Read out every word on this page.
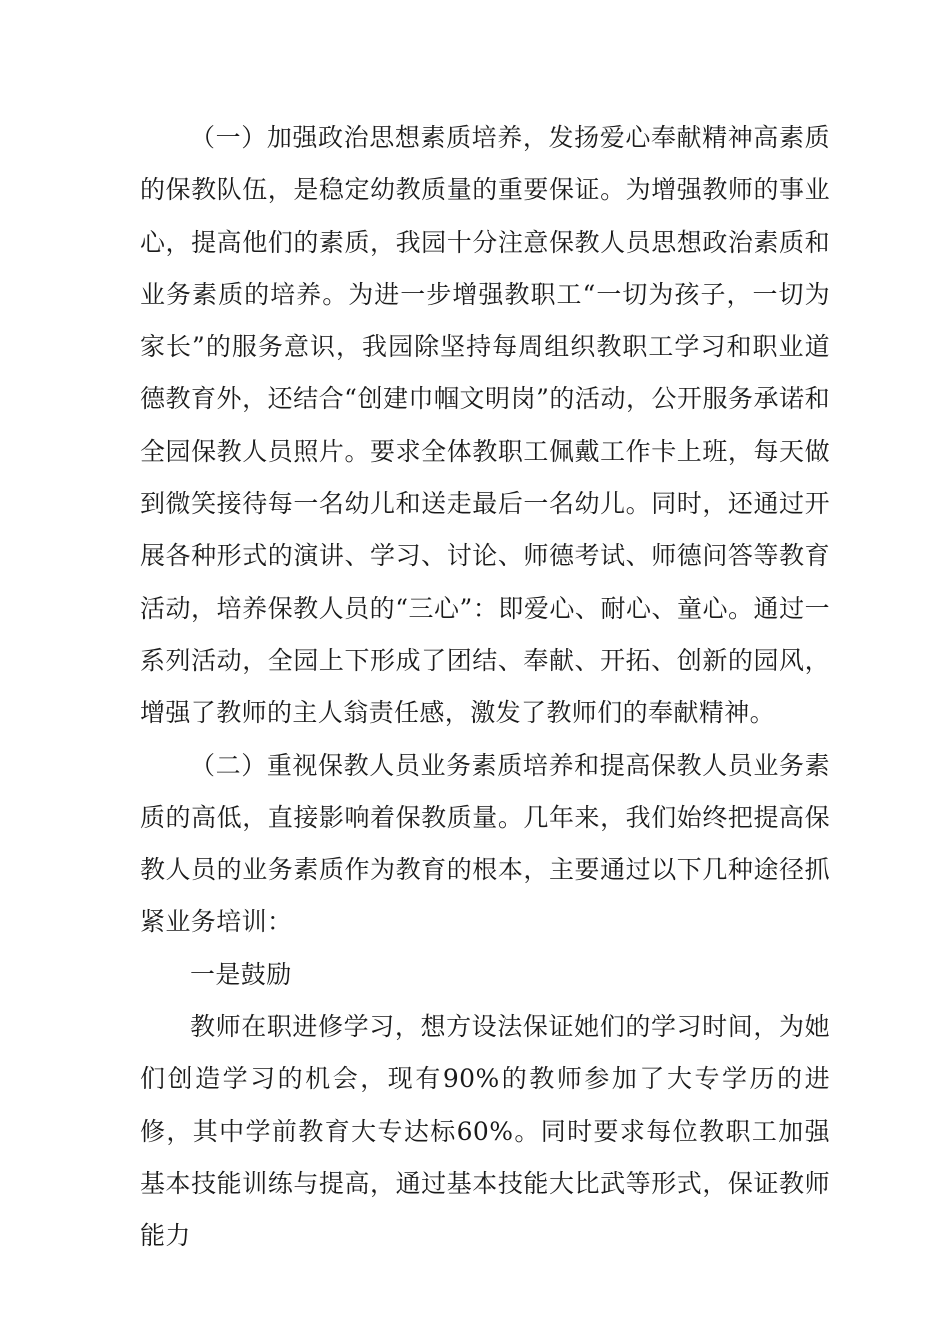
（一）加强政治思想素质培养，发扬爱心奉献精神高素质的保教队伍，是稳定幼教质量的重要保证。为增强教师的事业心，提高他们的素质，我园十分注意保教人员思想政治素质和业务素质的培养。为进一步增强教职工“一切为孩子，一切为家长”的服务意识，我园除坚持每周组织教职工学习和职业道德教育外，还结合“创建巾帼文明岗”的活动，公开服务承诺和全园保教人员照片。要求全体教职工佩戴工作卡上班，每天做到微笑接待每一名幼儿和送走最后一名幼儿。同时，还通过开展各种形式的演讲、学习、讨论、师德考试、师德问答等教育活动，培养保教人员的“三心”：即爱心、耐心、童心。通过一系列活动，全园上下形成了团结、奉献、开拓、创新的园风，增强了教师的主人翁责任感，激发了教师们的奉献精神。

（二）重视保教人员业务素质培养和提高保教人员业务素质的高低，直接影响着保教质量。几年来，我们始终把提高保教人员的业务素质作为教育的根本，主要通过以下几种途径抓紧业务培训：

一是鼓励

教师在职进修学习，想方设法保证她们的学习时间，为她们创造学习的机会，现有90%的教师参加了大专学历的进修，其中学前教育大专达标60%。同时要求每位教职工加强基本技能训练与提高，通过基本技能大比武等形式，保证教师能力
